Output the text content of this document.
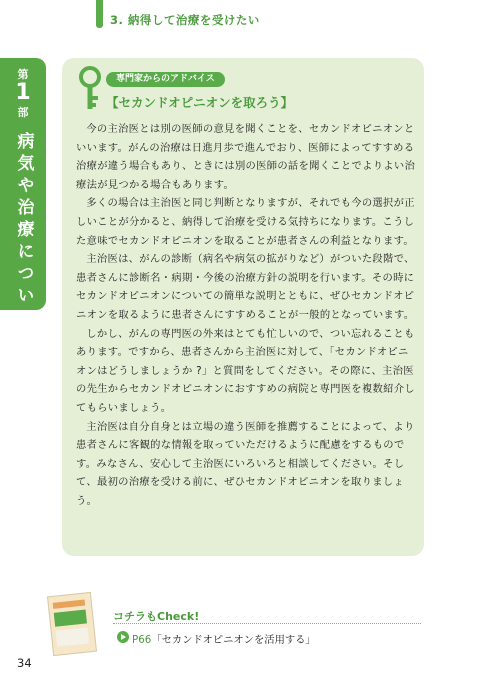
3. 納得して治療を受けたい
第
1
部
病気や治療について
専門家からのアドバイス
【セカンドオピニオンを取ろう】

今の主治医とは別の医師の意見を聞くことを、セカンドオピニオンといいます。がんの治療は日進月歩で進んでおり、医師によってすすめる治療が違う場合もあり、ときには別の医師の話を聞くことでよりよい治療法が見つかる場合もあります。

多くの場合は主治医と同じ判断となりますが、それでも今の選択が正しいことが分かると、納得して治療を受ける気持ちになります。こうした意味でセカンドオピニオンを取ることが患者さんの利益となります。

主治医は、がんの診断（病名や病気の拡がりなど）がついた段階で、患者さんに診断名・病期・今後の治療方針の説明を行います。その時にセカンドオピニオンについての簡単な説明とともに、ぜひセカンドオピニオンを取るように患者さんにすすめることが一般的となっています。

しかし、がんの専門医の外来はとても忙しいので、つい忘れることもあります。ですから、患者さんから主治医に対して、「セカンドオピニオンはどうしましょうか ?」と質問をしてください。その際に、主治医の先生からセカンドオピニオンにおすすめの病院と専門医を複数紹介してもらいましょう。

主治医は自分自身とは立場の違う医師を推薦することによって、より患者さんに客観的な情報を取っていただけるように配慮をするものです。みなさん、安心して主治医にいろいろと相談してください。そして、最初の治療を受ける前に、ぜひセカンドオピニオンを取りましょう。

コチラもCheck!
P66「セカンドオピニオンを活用する」
34
